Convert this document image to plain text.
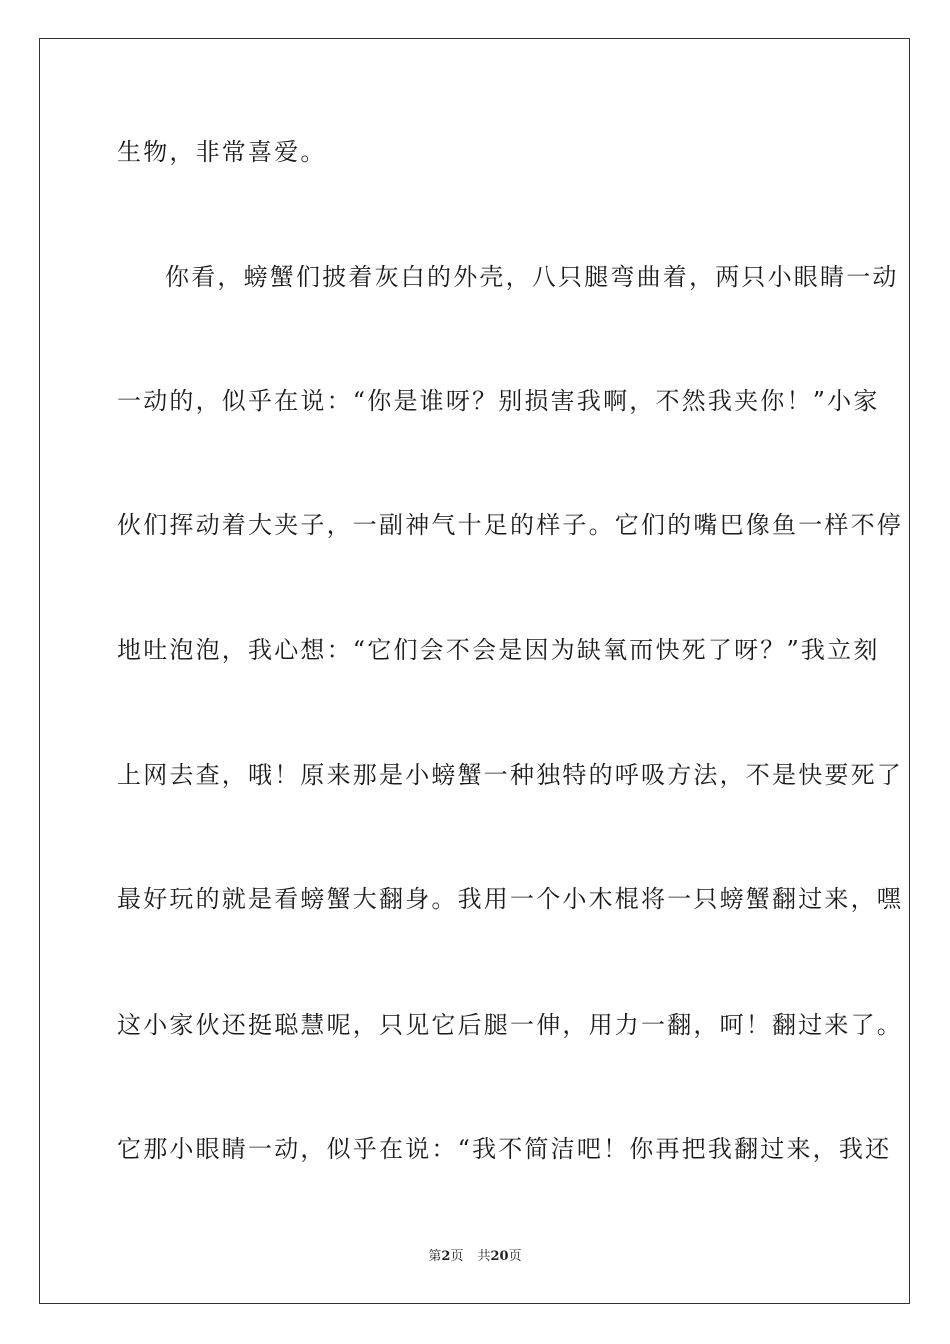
生物，非常喜爱。
你看，螃蟹们披着灰白的外壳，八只腿弯曲着，两只小眼睛一动
一动的，似乎在说：“你是谁呀？别损害我啊，不然我夹你！”小家
伙们挥动着大夹子，一副神气十足的样子。它们的嘴巴像鱼一样不停
地吐泡泡，我心想：“它们会不会是因为缺氧而快死了呀？”我立刻
上网去查，哦！原来那是小螃蟹一种独特的呼吸方法，不是快要死了
最好玩的就是看螃蟹大翻身。我用一个小木棍将一只螃蟹翻过来，嘿
这小家伙还挺聪慧呢，只见它后腿一伸，用力一翻，呵！翻过来了。
它那小眼睛一动，似乎在说：“我不简洁吧！你再把我翻过来，我还
第2页 共20页
